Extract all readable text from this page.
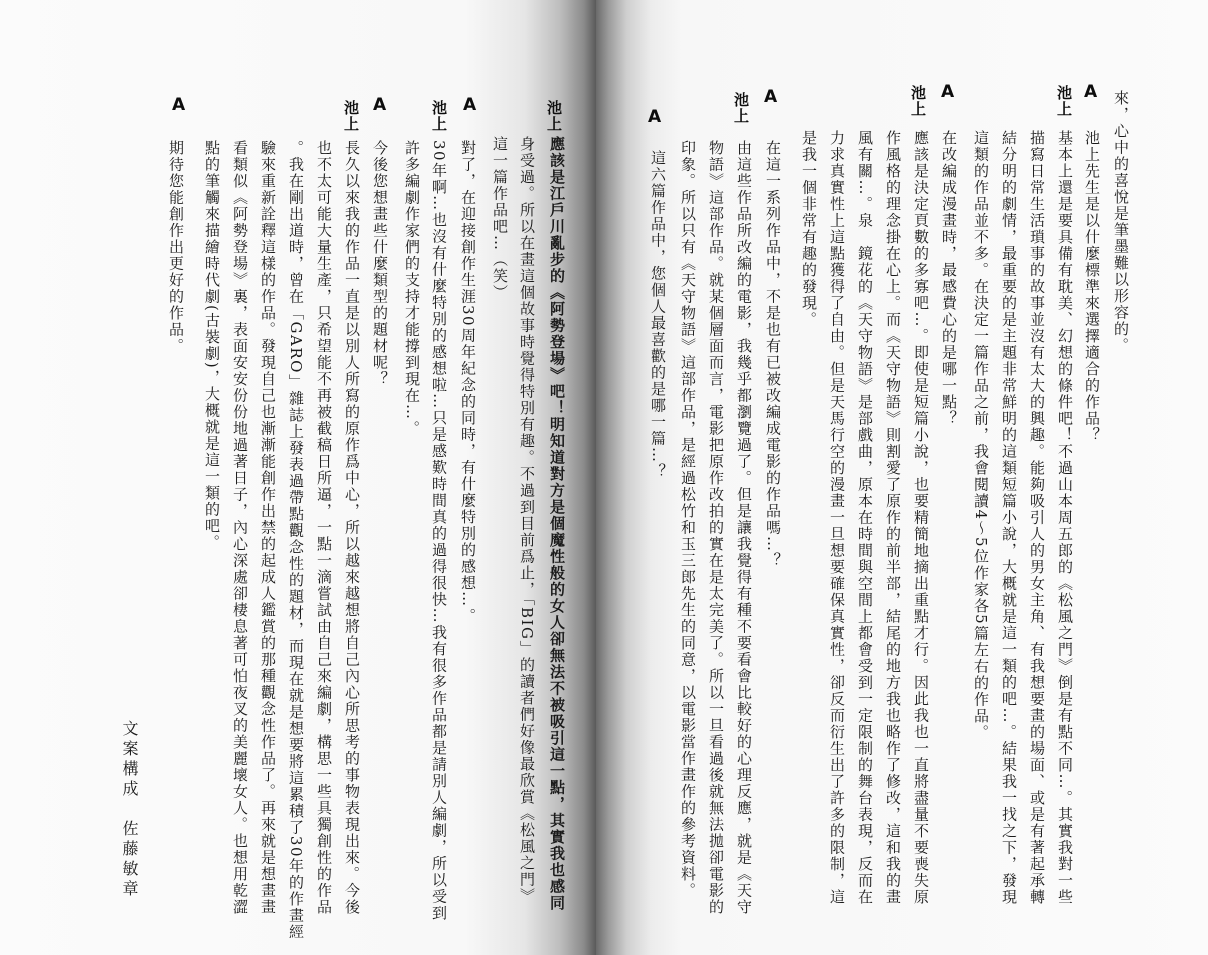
池上
應該是江戶川亂步的《阿勢登場》吧！明知道對方是個魔性般的女人卻無法不被吸引這一點，其實我也感同
身受過。所以在畫這個故事時覺得特別有趣。不過到目前爲止，「BIG」的讀者們好像最欣賞《松風之門》
這一篇作品吧…（笑）
A
對了，在迎接創作生涯30周年紀念的同時，有什麼特別的感想…。
池上
30年啊…也沒有什麼特別的感想啦…只是感歎時間真的過得很快…我有很多作品都是請別人編劇，所以受到
許多編劇作家們的支持才能撐到現在…。
A
今後您想畫些什麼類型的題材呢？
池上
長久以來我的作品一直是以別人所寫的原作爲中心，所以越來越想將自己內心所思考的事物表現出來。今後
也不太可能大量生產，只希望能不再被截稿日所逼，一點一滴嘗試由自己來編劇，構思一些具獨創性的作品
。我在剛出道時，曾在「GARO」雜誌上發表過帶點觀念性的題材，而現在就是想要將這累積了30年的作畫經
驗來重新詮釋這樣的作品。發現自己也漸漸能創作出禁的起成人鑑賞的那種觀念性作品了。再來就是想畫畫
看類似《阿勢登場》裏，表面安安份份地過著日子，內心深處卻棲息著可怕夜叉的美麗壞女人。也想用乾澀
點的筆觸來描繪時代劇(古裝劇)，大概就是這一類的吧。
A
期待您能創作出更好的作品。
文案構成　佐藤敏章
來，心中的喜悅是筆墨難以形容的。
A
池上先生是以什麼標準來選擇適合的作品？
池上
基本上還是要具備有耽美、幻想的條件吧！不過山本周五郎的《松風之門》倒是有點不同…。其實我對一些
描寫日常生活瑣事的故事並沒有太大的興趣。能夠吸引人的男女主角、有我想要畫的場面、或是有著起承轉
結分明的劇情，最重要的是主題非常鮮明的這類短篇小說，大概就是這一類的吧…。結果我一找之下，發現
這類的作品並不多。在決定一篇作品之前，我會閱讀4～5位作家各5篇左右的作品。
A
在改編成漫畫時，最感費心的是哪一點？
池上
應該是決定頁數的多寡吧…。即使是短篇小說，也要精簡地摘出重點才行。因此我也一直將盡量不要喪失原
作風格的理念掛在心上。而《天守物語》則割愛了原作的前半部，結尾的地方我也略作了修改，這和我的畫
風有關…。泉　鏡花的《天守物語》是部戲曲，原本在時間與空間上都會受到一定限制的舞台表現，反而在
力求真實性上這點獲得了自由。但是天馬行空的漫畫一旦想要確保真實性，卻反而衍生出了許多的限制，這
是我一個非常有趣的發現。
A
在這一系列作品中，不是也有已被改編成電影的作品嗎…？
池上
由這些作品所改編的電影，我幾乎都瀏覽過了。但是讓我覺得有種不要看會比較好的心理反應，就是《天守
物語》這部作品。就某個層面而言，電影把原作改拍的實在是太完美了。所以一旦看過後就無法拋卻電影的
印象。所以只有《天守物語》這部作品，是經過松竹和玉三郎先生的同意，以電影當作畫作的參考資料。
A
這六篇作品中，您個人最喜歡的是哪一篇…？
